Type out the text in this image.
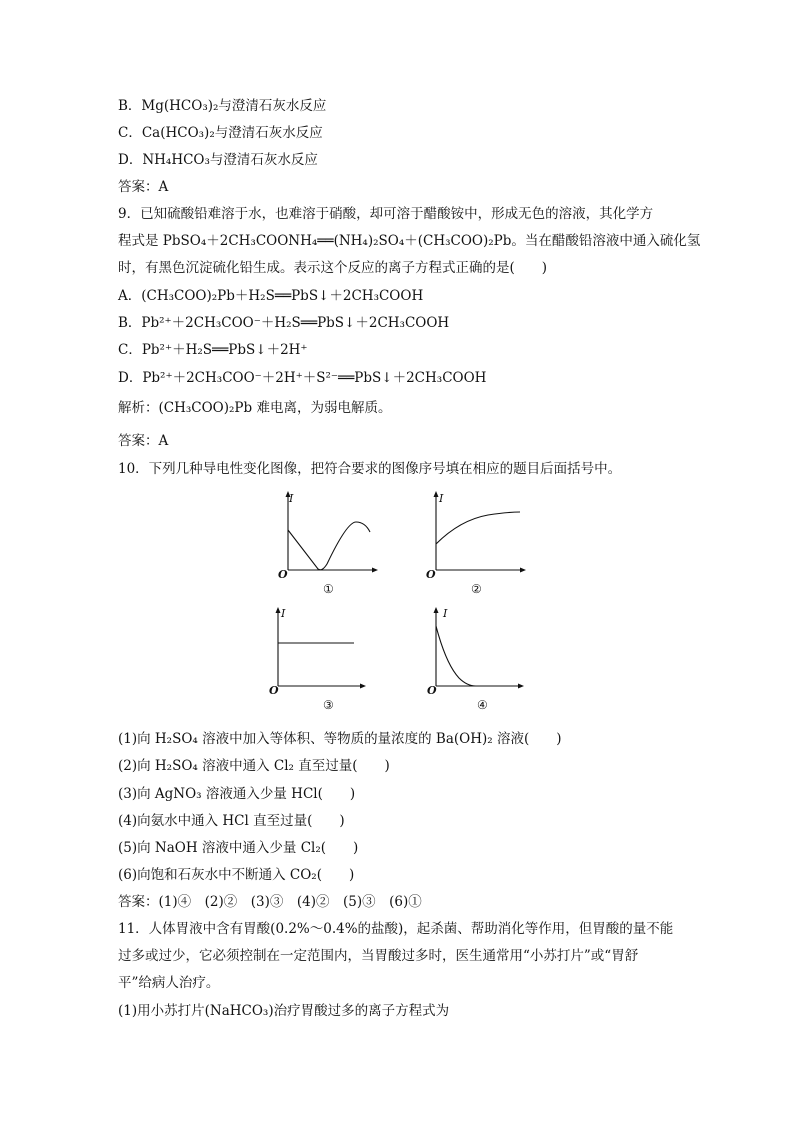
B．Mg(HCO₃)₂与澄清石灰水反应
C．Ca(HCO₃)₂与澄清石灰水反应
D．NH₄HCO₃与澄清石灰水反应
答案：A
9．已知硫酸铅难溶于水，也难溶于硝酸，却可溶于醋酸铵中，形成无色的溶液，其化学方
程式是 PbSO₄＋2CH₃COONH₄══(NH₄)₂SO₄＋(CH₃COO)₂Pb。当在醋酸铅溶液中通入硫化氢
时，有黑色沉淀硫化铅生成。表示这个反应的离子方程式正确的是(　　)
A．(CH₃COO)₂Pb＋H₂S══PbS↓＋2CH₃COOH
B．Pb²⁺＋2CH₃COO⁻＋H₂S══PbS↓＋2CH₃COOH
C．Pb²⁺＋H₂S══PbS↓＋2H⁺
D．Pb²⁺＋2CH₃COO⁻＋2H⁺＋S²⁻══PbS↓＋2CH₃COOH
解析：(CH₃COO)₂Pb 难电离，为弱电解质。
答案：A
10．下列几种导电性变化图像，把符合要求的图像序号填在相应的题目后面括号中。
I
O
①
I
O
②
I
O
③
I
O
④
(1)向 H₂SO₄ 溶液中加入等体积、等物质的量浓度的 Ba(OH)₂ 溶液(　　)
(2)向 H₂SO₄ 溶液中通入 Cl₂ 直至过量(　　)
(3)向 AgNO₃ 溶液通入少量 HCl(　　)
(4)向氨水中通入 HCl 直至过量(　　)
(5)向 NaOH 溶液中通入少量 Cl₂(　　)
(6)向饱和石灰水中不断通入 CO₂(　　)
答案：(1)④　(2)②　(3)③　(4)②　(5)③　(6)①
11．人体胃液中含有胃酸(0.2%～0.4%的盐酸)，起杀菌、帮助消化等作用，但胃酸的量不能
过多或过少，它必须控制在一定范围内，当胃酸过多时，医生通常用“小苏打片”或“胃舒
平”给病人治疗。
(1)用小苏打片(NaHCO₃)治疗胃酸过多的离子方程式为
